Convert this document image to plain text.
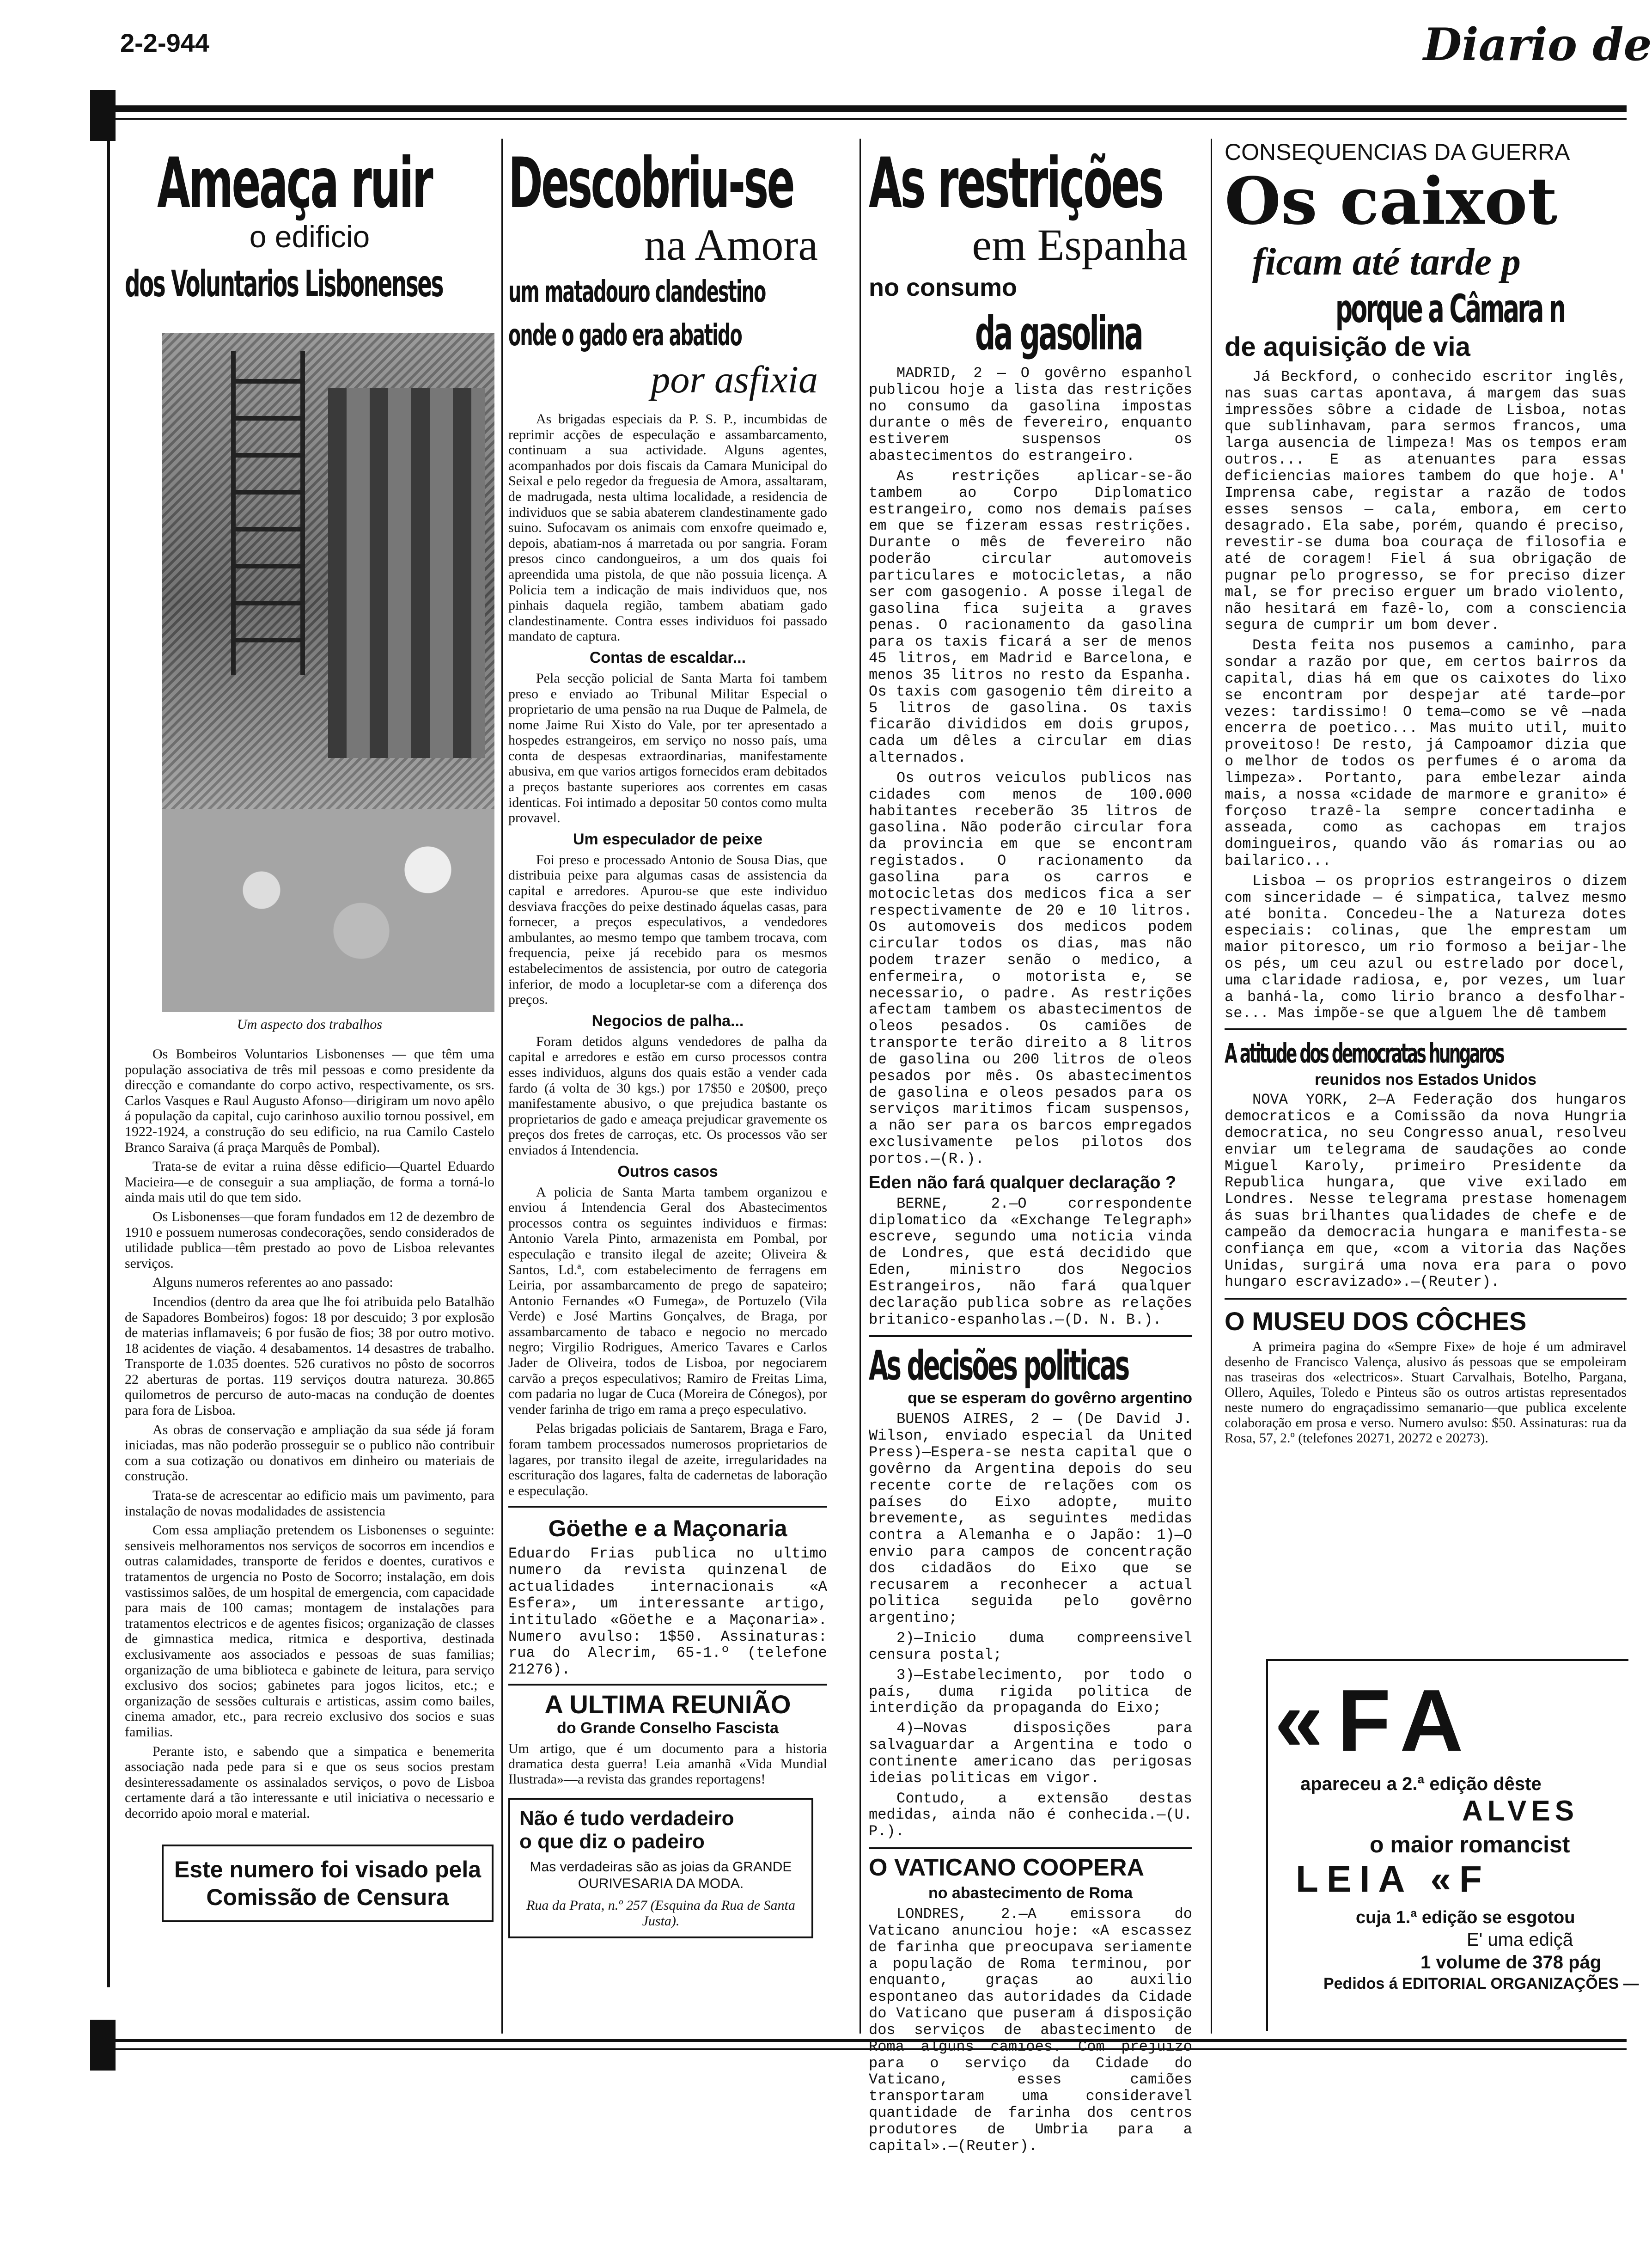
2-2-944	Diario de
Ameaça ruir
o edificio
dos Voluntarios Lisbonenses
Um aspecto dos trabalhos

Os Bombeiros Voluntarios Lisbonenses — que têm uma população associativa de três mil pessoas e como presidente da direcção e comandante do corpo activo, respectivamente, os srs. Carlos Vasques e Raul Augusto Afonso—dirigiram um novo apêlo á população da capital, cujo carinhoso auxilio tornou possivel, em 1922-1924, a construção do seu edificio, na rua Camilo Castelo Branco Saraiva (á praça Marquês de Pombal).

Trata-se de evitar a ruina dêsse edificio—Quartel Eduardo Macieira—e de conseguir a sua ampliação, de forma a torná-lo ainda mais util do que tem sido.

Os Lisbonenses—que foram fundados em 12 de dezembro de 1910 e possuem numerosas condecorações, sendo considerados de utilidade publica—têm prestado ao povo de Lisboa relevantes serviços.

Alguns numeros referentes ao ano passado:

Incendios (dentro da area que lhe foi atribuida pelo Batalhão de Sapadores Bombeiros) fogos: 18 por descuido; 3 por explosão de materias inflamaveis; 6 por fusão de fios; 38 por outro motivo. 18 acidentes de viação. 4 desabamentos. 14 desastres de trabalho. Transporte de 1.035 doentes. 526 curativos no pôsto de socorros 22 aberturas de portas. 119 serviços doutra natureza. 30.865 quilometros de percurso de auto-macas na condução de doentes para fora de Lisboa.

As obras de conservação e ampliação da sua séde já foram iniciadas, mas não poderão prosseguir se o publico não contribuir com a sua cotização ou donativos em dinheiro ou materiais de construção.

Trata-se de acrescentar ao edificio mais um pavimento, para instalação de novas modalidades de assistencia

Com essa ampliação pretendem os Lisbonenses o seguinte: sensiveis melhoramentos nos serviços de socorros em incendios e outras calamidades, transporte de feridos e doentes, curativos e tratamentos de urgencia no Posto de Socorro; instalação, em dois vastissimos salões, de um hospital de emergencia, com capacidade para mais de 100 camas; montagem de instalações para tratamentos electricos e de agentes fisicos; organização de classes de gimnastica medica, ritmica e desportiva, destinada exclusivamente aos associados e pessoas de suas familias; organização de uma biblioteca e gabinete de leitura, para serviço exclusivo dos socios; gabinetes para jogos licitos, etc.; e organização de sessões culturais e artisticas, assim como bailes, cinema amador, etc., para recreio exclusivo dos socios e suas familias.

Perante isto, e sabendo que a simpatica e benemerita associação nada pede para si e que os seus socios prestam desinteressadamente os assinalados serviços, o povo de Lisboa certamente dará a tão interessante e util iniciativa o necessario e decorrido apoio moral e material.

Este numero foi visado pela Comissão de Censura
Descobriu-se
na Amora
um matadouro clandestino
onde o gado era abatido
por asfixia

As brigadas especiais da P. S. P., incumbidas de reprimir acções de especulação e assambarcamento, continuam a sua actividade. Alguns agentes, acompanhados por dois fiscais da Camara Municipal do Seixal e pelo regedor da freguesia de Amora, assaltaram, de madrugada, nesta ultima localidade, a residencia de individuos que se sabia abaterem clandestinamente gado suino. Sufocavam os animais com enxofre queimado e, depois, abatiam-nos á marretada ou por sangria. Foram presos cinco candongueiros, a um dos quais foi apreendida uma pistola, de que não possuia licença. A Policia tem a indicação de mais individuos que, nos pinhais daquela região, tambem abatiam gado clandestinamente. Contra esses individuos foi passado mandato de captura.

Contas de escaldar...

Pela secção policial de Santa Marta foi tambem preso e enviado ao Tribunal Militar Especial o proprietario de uma pensão na rua Duque de Palmela, de nome Jaime Rui Xisto do Vale, por ter apresentado a hospedes estrangeiros, em serviço no nosso país, uma conta de despesas extraordinarias, manifestamente abusiva, em que varios artigos fornecidos eram debitados a preços bastante superiores aos correntes em casas identicas. Foi intimado a depositar 50 contos como multa provavel.

Um especulador de peixe

Foi preso e processado Antonio de Sousa Dias, que distribuia peixe para algumas casas de assistencia da capital e arredores. Apurou-se que este individuo desviava fracções do peixe destinado áquelas casas, para fornecer, a preços especulativos, a vendedores ambulantes, ao mesmo tempo que tambem trocava, com frequencia, peixe já recebido para os mesmos estabelecimentos de assistencia, por outro de categoria inferior, de modo a locupletar-se com a diferença dos preços.

Negocios de palha...

Foram detidos alguns vendedores de palha da capital e arredores e estão em curso processos contra esses individuos, alguns dos quais estão a vender cada fardo (á volta de 30 kgs.) por 17$50 e 20$00, preço manifestamente abusivo, o que prejudica bastante os proprietarios de gado e ameaça prejudicar gravemente os preços dos fretes de carroças, etc. Os processos vão ser enviados á Intendencia.

Outros casos

A policia de Santa Marta tambem organizou e enviou á Intendencia Geral dos Abastecimentos processos contra os seguintes individuos e firmas: Antonio Varela Pinto, armazenista em Pombal, por especulação e transito ilegal de azeite; Oliveira & Santos, Ld.ª, com estabelecimento de ferragens em Leiria, por assambarcamento de prego de sapateiro; Antonio Fernandes «O Fumega», de Portuzelo (Vila Verde) e José Martins Gonçalves, de Braga, por assambarcamento de tabaco e negocio no mercado negro; Virgilio Rodrigues, Americo Tavares e Carlos Jader de Oliveira, todos de Lisboa, por negociarem carvão a preços especulativos; Ramiro de Freitas Lima, com padaria no lugar de Cuca (Moreira de Cónegos), por vender farinha de trigo em rama a preço especulativo.

Pelas brigadas policiais de Santarem, Braga e Faro, foram tambem processados numerosos proprietarios de lagares, por transito ilegal de azeite, irregularidades na escrituração dos lagares, falta de cadernetas de laboração e especulação.

Göethe e a Maçonaria
Eduardo Frias publica no ultimo numero da revista quinzenal de actualidades internacionais «A Esfera», um interessante artigo, intitulado «Göethe e a Maçonaria». Numero avulso: 1$50. Assinaturas: rua do Alecrim, 65-1.º (telefone 21276).
A ULTIMA REUNIÃO
do Grande Conselho Fascista
Um artigo, que é um documento para a historia dramatica desta guerra! Leia amanhã «Vida Mundial Ilustrada»—a revista das grandes reportagens!
Não é tudo verdadeiro
o que diz o padeiro
Mas verdadeiras são as joias da GRANDE OURIVESARIA DA MODA.
Rua da Prata, n.º 257 (Esquina da Rua de Santa Justa).
As restrições
em Espanha
no consumo
da gasolina

MADRID, 2 — O govêrno espanhol publicou hoje a lista das restrições no consumo da gasolina impostas durante o mês de fevereiro, enquanto estiverem suspensos os abastecimentos do estrangeiro.

As restrições aplicar-se-ão tambem ao Corpo Diplomatico estrangeiro, como nos demais países em que se fizeram essas restrições. Durante o mês de fevereiro não poderão circular automoveis particulares e motocicletas, a não ser com gasogenio. A posse ilegal de gasolina fica sujeita a graves penas. O racionamento da gasolina para os taxis ficará a ser de menos 45 litros, em Madrid e Barcelona, e menos 35 litros no resto da Espanha. Os taxis com gasogenio têm direito a 5 litros de gasolina. Os taxis ficarão divididos em dois grupos, cada um dêles a circular em dias alternados.

Os outros veiculos publicos nas cidades com menos de 100.000 habitantes receberão 35 litros de gasolina. Não poderão circular fora da provincia em que se encontram registados. O racionamento da gasolina para os carros e motocicletas dos medicos fica a ser respectivamente de 20 e 10 litros. Os automoveis dos medicos podem circular todos os dias, mas não podem trazer senão o medico, a enfermeira, o motorista e, se necessario, o padre. As restrições afectam tambem os abastecimentos de oleos pesados. Os camiões de transporte terão direito a 8 litros de gasolina ou 200 litros de oleos pesados por mês. Os abastecimentos de gasolina e oleos pesados para os serviços maritimos ficam suspensos, a não ser para os barcos empregados exclusivamente pelos pilotos dos portos.—(R.).

Eden não fará qualquer declaração ?
BERNE, 2.—O correspondente diplomatico da «Exchange Telegraph» escreve, segundo uma noticia vinda de Londres, que está decidido que Eden, ministro dos Negocios Estrangeiros, não fará qualquer declaração publica sobre as relações britanico-espanholas.—(D. N. B.).
As decisões politicas
que se esperam do govêrno argentino

BUENOS AIRES, 2 — (De David J. Wilson, enviado especial da United Press)—Espera-se nesta capital que o govêrno da Argentina depois do seu recente corte de relações com os países do Eixo adopte, muito brevemente, as seguintes medidas contra a Alemanha e o Japão: 1)—O envio para campos de concentração dos cidadãos do Eixo que se recusarem a reconhecer a actual politica seguida pelo govêrno argentino;

2)—Inicio duma compreensivel censura postal;

3)—Estabelecimento, por todo o país, duma rigida politica de interdição da propaganda do Eixo;

4)—Novas disposições para salvaguardar a Argentina e todo o continente americano das perigosas ideias politicas em vigor.

Contudo, a extensão destas medidas, ainda não é conhecida.—(U. P.).

O VATICANO COOPERA
no abastecimento de Roma
LONDRES, 2.—A emissora do Vaticano anunciou hoje: «A escassez de farinha que preocupava seriamente a população de Roma terminou, por enquanto, graças ao auxilio espontaneo das autoridades da Cidade do Vaticano que puseram á disposição dos serviços de abastecimento de Roma alguns camiões. Com prejuizo para o serviço da Cidade do Vaticano, esses camiões transportaram uma consideravel quantidade de farinha dos centros produtores de Umbria para a capital».—(Reuter).
CONSEQUENCIAS DA GUERRA
Os caixot
ficam até tarde p
porque a Câmara n
de aquisição de via

Já Beckford, o conhecido escritor inglês, nas suas cartas apontava, á margem das suas impressões sôbre a cidade de Lisboa, notas que sublinhavam, para sermos francos, uma larga ausencia de limpeza! Mas os tempos eram outros... E as atenuantes para essas deficiencias maiores tambem do que hoje. A' Imprensa cabe, registar a razão de todos esses sensos — cala, embora, em certo desagrado. Ela sabe, porém, quando é preciso, revestir-se duma boa couraça de filosofia e até de coragem! Fiel á sua obrigação de pugnar pelo progresso, se for preciso dizer mal, se for preciso erguer um brado violento, não hesitará em fazê-lo, com a consciencia segura de cumprir um bom dever.

Desta feita nos pusemos a caminho, para sondar a razão por que, em certos bairros da capital, dias há em que os caixotes do lixo se encontram por despejar até tarde—por vezes: tardissimo! O tema—como se vê —nada encerra de poetico... Mas muito util, muito proveitoso! De resto, já Campoamor dizia que o melhor de todos os perfumes é o aroma da limpeza». Portanto, para embelezar ainda mais, a nossa «cidade de marmore e granito» é forçoso trazê-la sempre concertadinha e asseada, como as cachopas em trajos domingueiros, quando vão ás romarias ou ao bailarico...

Lisboa — os proprios estrangeiros o dizem com sinceridade — é simpatica, talvez mesmo até bonita. Concedeu-lhe a Natureza dotes especiais: colinas, que lhe emprestam um maior pitoresco, um rio formoso a beijar-lhe os pés, um ceu azul ou estrelado por docel, uma claridade radiosa, e, por vezes, um luar a banhá-la, como lirio branco a desfolhar-se... Mas impõe-se que alguem lhe dê tambem

A atitude dos democratas hungaros
reunidos nos Estados Unidos
NOVA YORK, 2—A Federação dos hungaros democraticos e a Comissão da nova Hungria democratica, no seu Congresso anual, resolveu enviar um telegrama de saudações ao conde Miguel Karoly, primeiro Presidente da Republica hungara, que vive exilado em Londres. Nesse telegrama prestase homenagem ás suas brilhantes qualidades de chefe e de campeão da democracia hungara e manifesta-se confiança em que, «com a vitoria das Nações Unidas, surgirá uma nova era para o povo hungaro escravizado».—(Reuter).
O MUSEU DOS CÔCHES
A primeira pagina do «Sempre Fixe» de hoje é um admiravel desenho de Francisco Valença, alusivo ás pessoas que se empoleiram nas traseiras dos «electricos». Stuart Carvalhais, Botelho, Pargana, Ollero, Aquiles, Toledo e Pinteus são os outros artistas representados neste numero do engraçadissimo semanario—que publica excelente colaboração em prosa e verso. Numero avulso: $50. Assinaturas: rua da Rosa, 57, 2.º (telefones 20271, 20272 e 20273).
«FA
apareceu a 2.ª edição dêste
ALVES
o maior romancist
LEIA «F
cuja 1.ª edição se esgotou
E' uma ediçã
1 volume de 378 pág
Pedidos á EDITORIAL ORGANIZAÇÕES —
